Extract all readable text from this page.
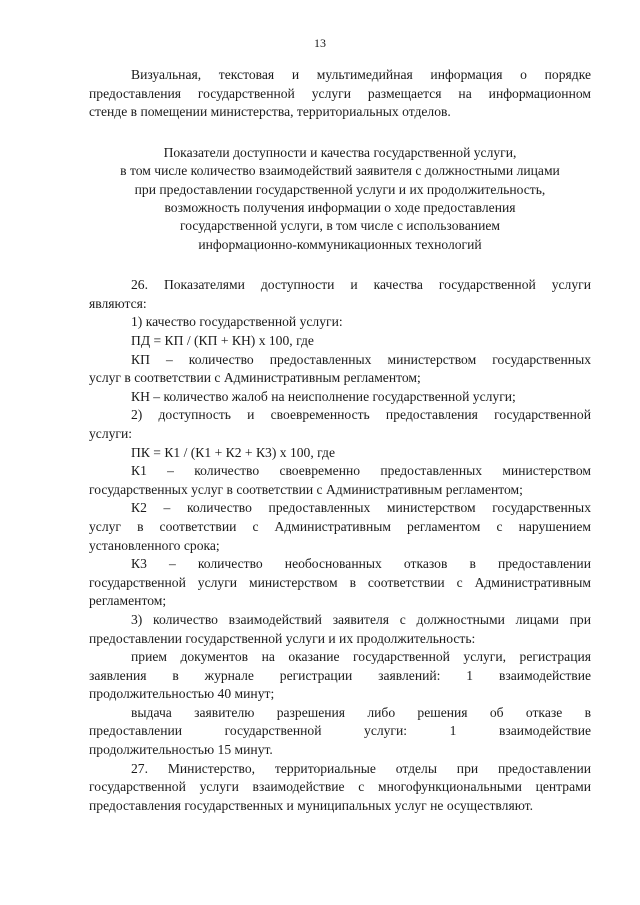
13

Визуальная, текстовая и мультимедийная информация о порядке
предоставления государственной услуги размещается на информационном
стенде в помещении министерства, территориальных отделов.

Показатели доступности и качества государственной услуги,
в том числе количество взаимодействий заявителя с должностными лицами
при предоставлении государственной услуги и их продолжительность,
возможность получения информации о ходе предоставления
государственной услуги, в том числе с использованием
информационно-коммуникационных технологий

26. Показателями доступности и качества государственной услуги
являются:

1) качество государственной услуги:

ПД = КП / (КП + КН) х 100, где

КП – количество предоставленных министерством государственных
услуг в соответствии с Административным регламентом;

КН – количество жалоб на неисполнение государственной услуги;

2) доступность и своевременность предоставления государственной
услуги:

ПК = К1 / (К1 + К2 + К3) х 100, где

К1 – количество своевременно предоставленных министерством
государственных услуг в соответствии с Административным регламентом;

К2 – количество предоставленных министерством государственных
услуг в соответствии с Административным регламентом с нарушением
установленного срока;

К3 – количество необоснованных отказов в предоставлении
государственной услуги министерством в соответствии с Административным
регламентом;

3) количество взаимодействий заявителя с должностными лицами при
предоставлении государственной услуги и их продолжительность:

прием документов на оказание государственной услуги, регистрация
заявления в журнале регистрации заявлений: 1 взаимодействие
продолжительностью 40 минут;

выдача заявителю разрешения либо решения об отказе в
предоставлении государственной услуги: 1 взаимодействие
продолжительностью 15 минут.

27. Министерство, территориальные отделы при предоставлении
государственной услуги взаимодействие с многофункциональными центрами
предоставления государственных и муниципальных услуг не осуществляют.
